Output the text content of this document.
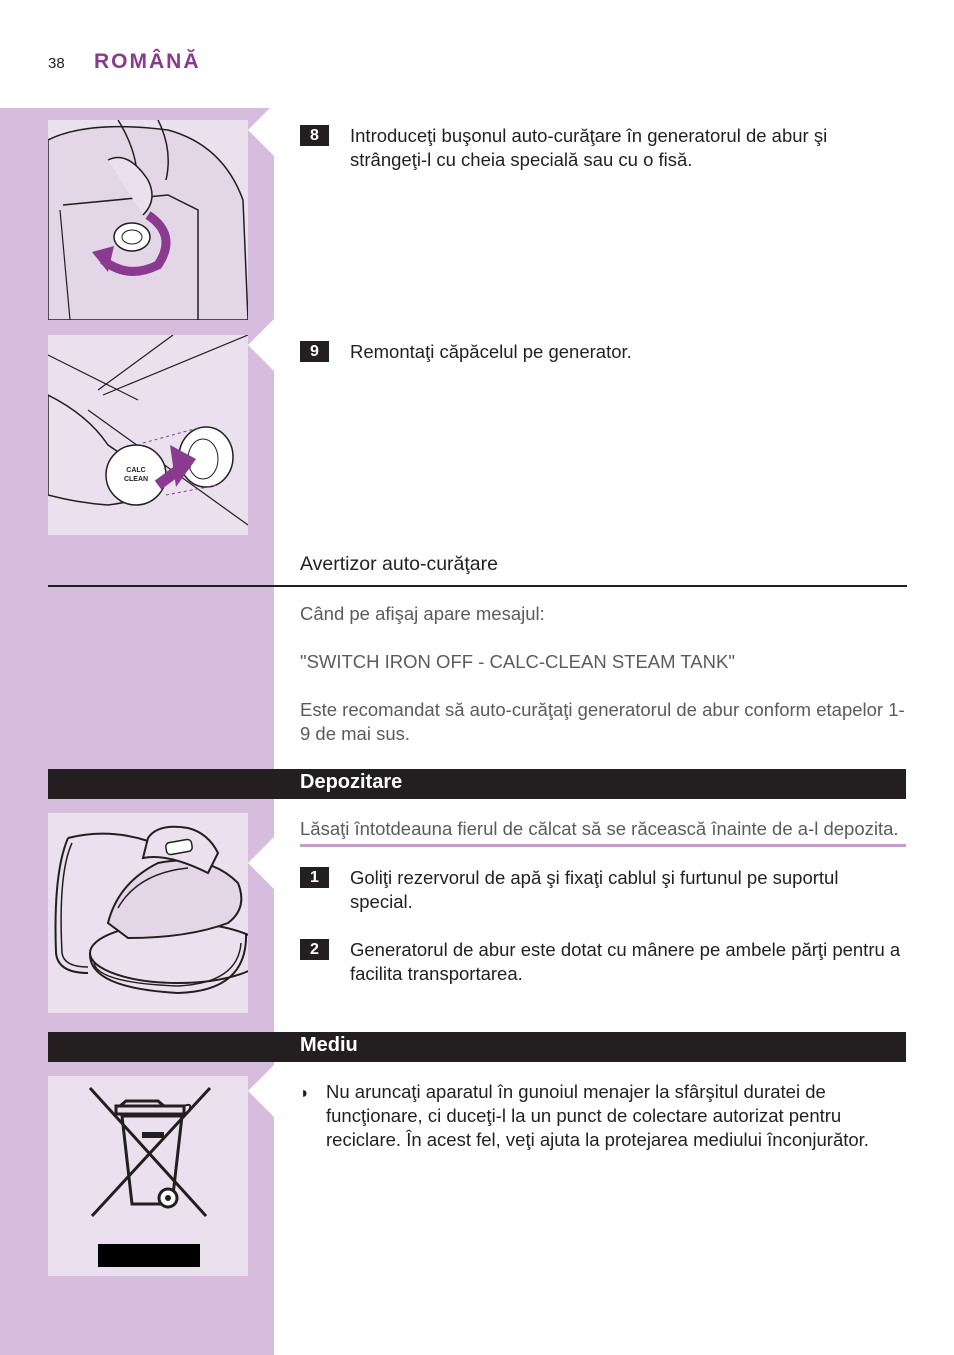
38 ROMÂNĂ
8	Introduceţi buşonul auto-curăţare în generatorul de abur şi strângeţi-l cu cheia specială sau cu o fisă.
CALC
CLEAN
9	Remontaţi căpăcelul pe generator.
Avertizor auto-curăţare
Când pe afişaj apare mesajul:
"SWITCH IRON OFF - CALC-CLEAN STEAM TANK"
Este recomandat să auto-curăţaţi generatorul de abur conform etapelor 1-9 de mai sus.
Depozitare
Lăsaţi întotdeauna fierul de călcat să se răcească înainte de a-l depozita.
1	Goliţi rezervorul de apă şi fixaţi cablul şi furtunul pe suportul special.
2	Generatorul de abur este dotat cu mânere pe ambele părţi pentru a facilita transportarea.
Mediu
◗ Nu aruncaţi aparatul în gunoiul menajer la sfârşitul duratei de funcţionare, ci duceţi-l la un punct de colectare autorizat pentru reciclare. În acest fel, veţi ajuta la protejarea mediului înconjurător.
